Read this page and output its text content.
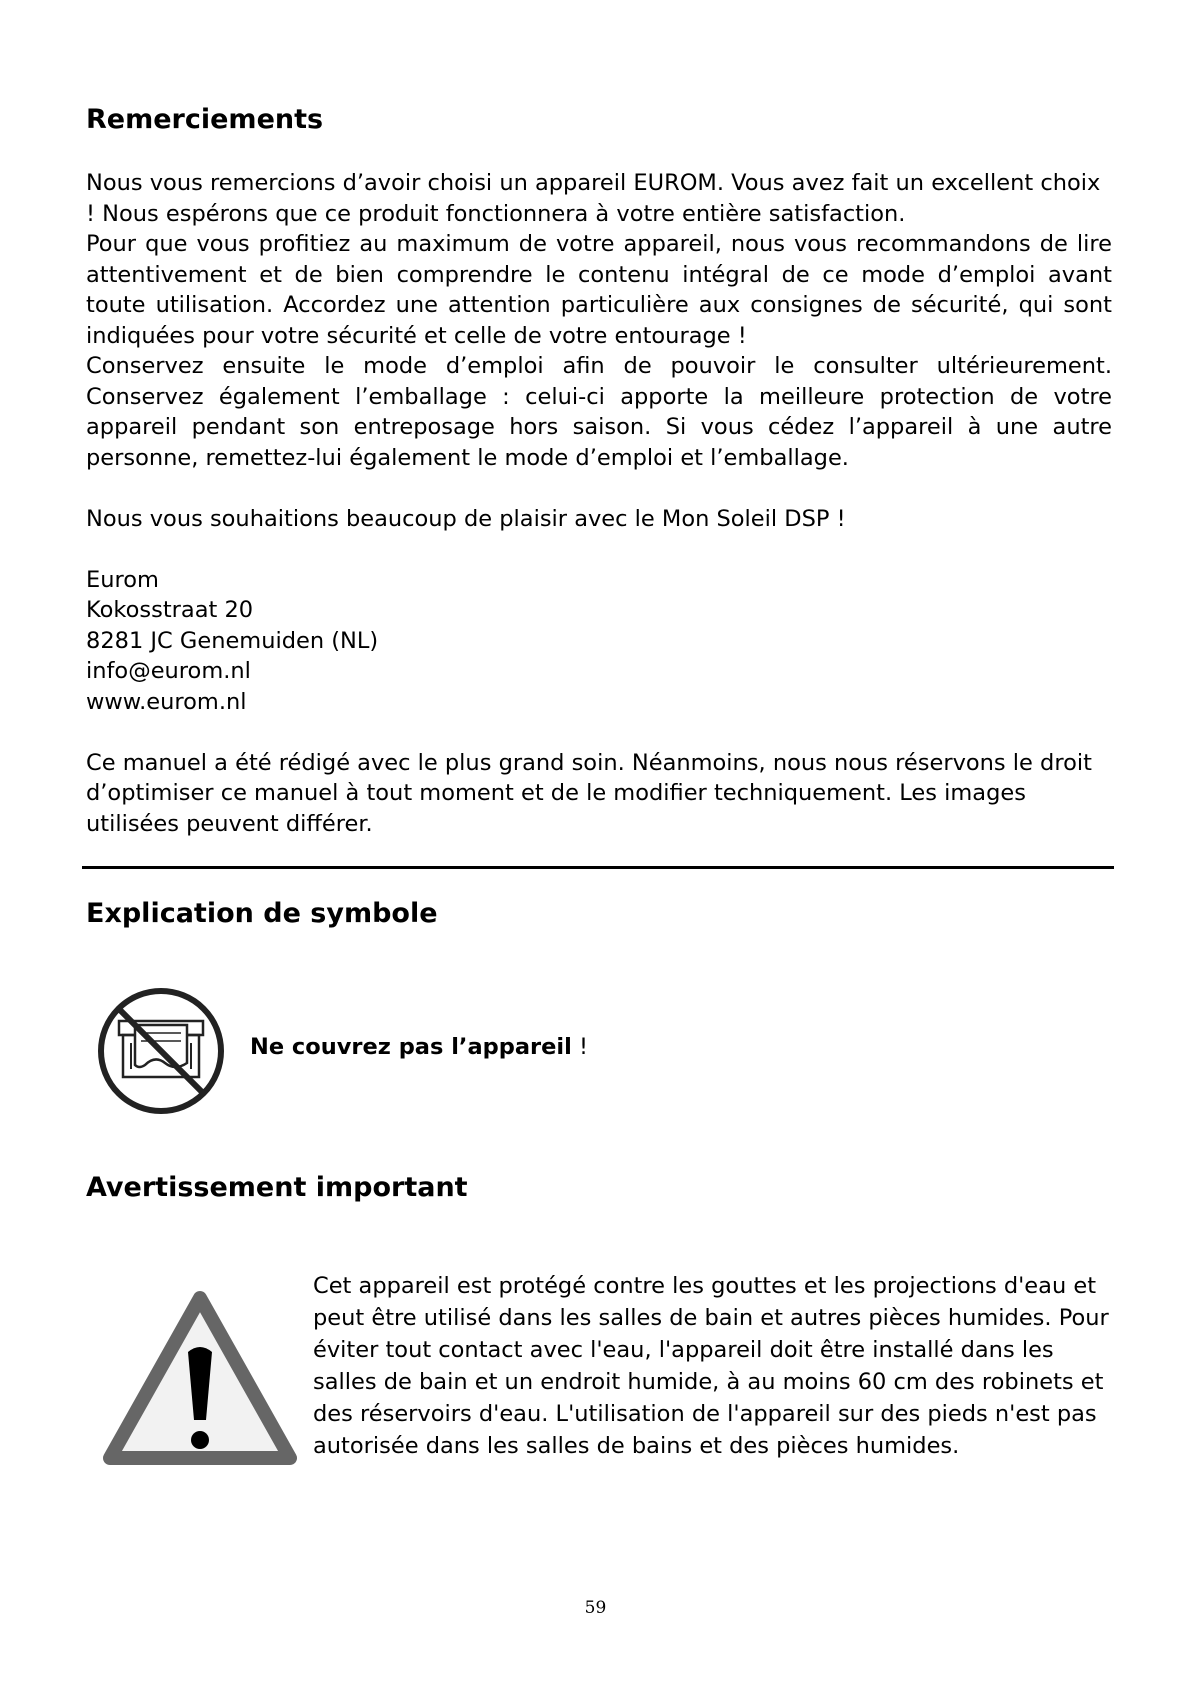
Remerciements

Nous vous remercions d’avoir choisi un appareil EUROM. Vous avez fait un excellent choix ! Nous espérons que ce produit fonctionnera à votre entière satisfaction.

Pour que vous profitiez au maximum de votre appareil, nous vous recommandons de lire attentivement et de bien comprendre le contenu intégral de ce mode d’emploi avant toute utilisation. Accordez une attention particulière aux consignes de sécurité, qui sont indiquées pour votre sécurité et celle de votre entourage !

Conservez ensuite le mode d’emploi afin de pouvoir le consulter ultérieurement. Conservez également l’emballage : celui-ci apporte la meilleure protection de votre appareil pendant son entreposage hors saison. Si vous cédez l’appareil à une autre personne, remettez-lui également le mode d’emploi et l’emballage.

Nous vous souhaitions beaucoup de plaisir avec le Mon Soleil DSP !

Eurom

Kokosstraat 20

8281 JC Genemuiden (NL)

info@eurom.nl

www.eurom.nl

Ce manuel a été rédigé avec le plus grand soin. Néanmoins, nous nous réservons le droit d’optimiser ce manuel à tout moment et de le modifier techniquement. Les images utilisées peuvent différer.

Explication de symbole
Ne couvrez pas l’appareil !
Avertissement important

Cet appareil est protégé contre les gouttes et les projections d'eau et peut être utilisé dans les salles de bain et autres pièces humides. Pour éviter tout contact avec l'eau, l'appareil doit être installé dans les salles de bain et un endroit humide, à au moins 60 cm des robinets et des réservoirs d'eau. L'utilisation de l'appareil sur des pieds n'est pas autorisée dans les salles de bains et des pièces humides.

59
